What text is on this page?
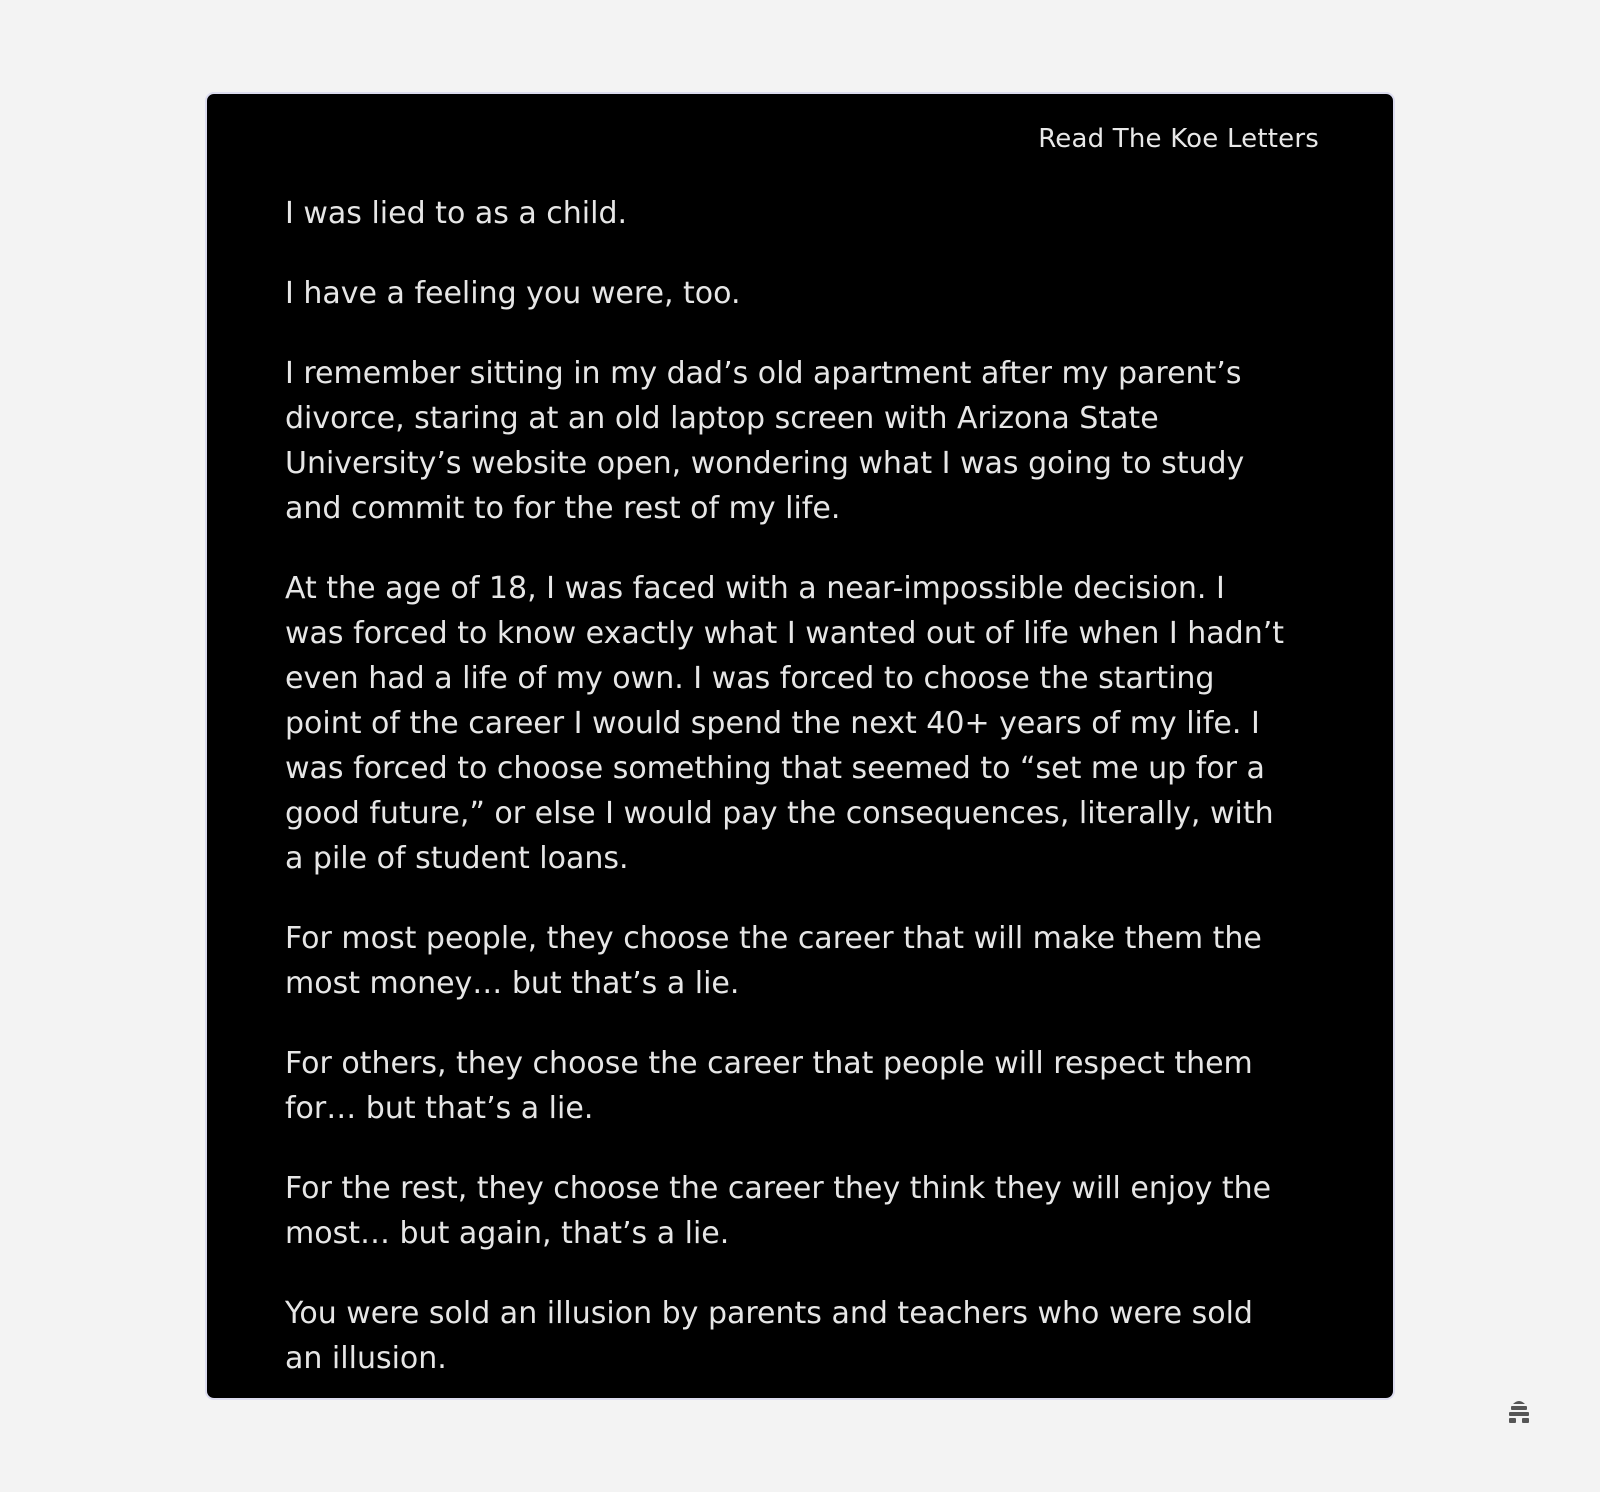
Read The Koe Letters

I was lied to as a child.

I have a feeling you were, too.

I remember sitting in my dad’s old apartment after my parent’s divorce, staring at an old laptop screen with Arizona State University’s website open, wondering what I was going to study and commit to for the rest of my life.

At the age of 18, I was faced with a near-impossible decision. I was forced to know exactly what I wanted out of life when I hadn’t even had a life of my own. I was forced to choose the starting point of the career I would spend the next 40+ years of my life. I was forced to choose something that seemed to “set me up for a good future,” or else I would pay the consequences, literally, with a pile of student loans.

For most people, they choose the career that will make them the most money… but that’s a lie.

For others, they choose the career that people will respect them for… but that’s a lie.

For the rest, they choose the career they think they will enjoy the most… but again, that’s a lie.

You were sold an illusion by parents and teachers who were sold an illusion.
